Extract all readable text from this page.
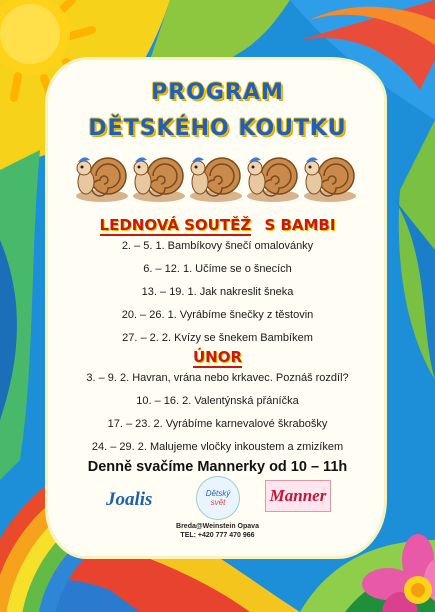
PROGRAM
DĚTSKÉHO KOUTKU
LEDNOVÁ SOUTĚŽ S BAMBI
2. – 5. 1. Bambíkovy šnečí omalovánky
6. – 12. 1. Učíme se o šnecích
13. – 19. 1. Jak nakreslit šneka
20. – 26. 1. Vyrábíme šnečky z těstovin
27. – 2. 2. Kvízy se šnekem Bambíkem
ÚNOR
3. – 9. 2. Havran, vrána nebo krkavec. Poznáš rozdíl?
10. – 16. 2. Valentýnská přáníčka
17. – 23. 2. Vyrábíme karnevalové škrabošky
24. – 29. 2. Malujeme vločky inkoustem a zmizíkem
Denně svačíme Mannerky od 10 – 11h
Joalis	Dětský
svět	Manner
Breda@Weinstein Opava
TEL: +420 777 470 966
